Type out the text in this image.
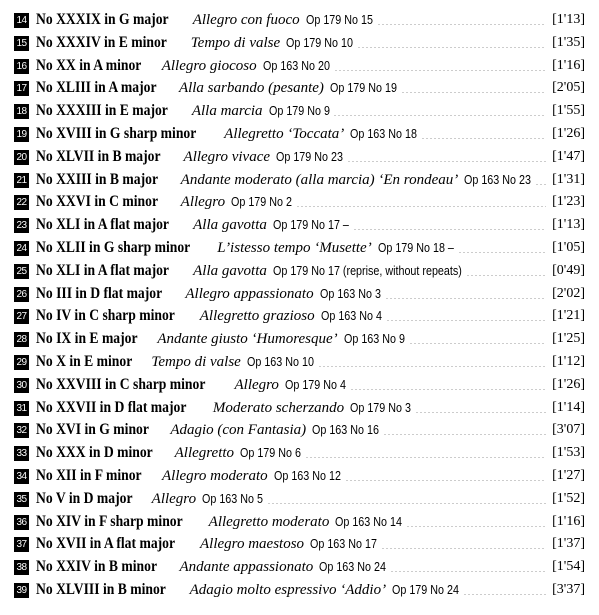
14 No XXXIX in G major Allegro con fuoco Op 179 No 15	[1'13]
15 No XXXIV in E minor Tempo di valse Op 179 No 10	[1'35]
16 No XX in A minor Allegro giocoso Op 163 No 20	[1'16]
17 No XLIII in A major Alla sarbando (pesante) Op 179 No 19	[2'05]
18 No XXXIII in E major Alla marcia Op 179 No 9	[1'55]
19 No XVIII in G sharp minor Allegretto ‘Toccata’ Op 163 No 18	[1'26]
20 No XLVII in B major Allegro vivace Op 179 No 23	[1'47]
21 No XXIII in B major Andante moderato (alla marcia) ‘En rondeau’ Op 163 No 23	[1'31]
22 No XXVI in C minor Allegro Op 179 No 2	[1'23]
23 No XLI in A flat major Alla gavotta Op 179 No 17 –	[1'13]
24 No XLII in G sharp minor L’istesso tempo ‘Musette’ Op 179 No 18 –	[1'05]
25 No XLI in A flat major Alla gavotta Op 179 No 17 (reprise, without repeats)	[0'49]
26 No III in D flat major Allegro appassionato Op 163 No 3	[2'02]
27 No IV in C sharp minor Allegretto grazioso Op 163 No 4	[1'21]
28 No IX in E major Andante giusto ‘Humoresque’ Op 163 No 9	[1'25]
29 No X in E minor Tempo di valse Op 163 No 10	[1'12]
30 No XXVIII in C sharp minor Allegro Op 179 No 4	[1'26]
31 No XXVII in D flat major Moderato scherzando Op 179 No 3	[1'14]
32 No XVI in G minor Adagio (con Fantasia) Op 163 No 16	[3'07]
33 No XXX in D minor Allegretto Op 179 No 6	[1'53]
34 No XII in F minor Allegro moderato Op 163 No 12	[1'27]
35 No V in D major Allegro Op 163 No 5	[1'52]
36 No XIV in F sharp minor Allegretto moderato Op 163 No 14	[1'16]
37 No XVII in A flat major Allegro maestoso Op 163 No 17	[1'37]
38 No XXIV in B minor Andante appassionato Op 163 No 24	[1'54]
39 No XLVIII in B minor Adagio molto espressivo ‘Addio’ Op 179 No 24	[3'37]
